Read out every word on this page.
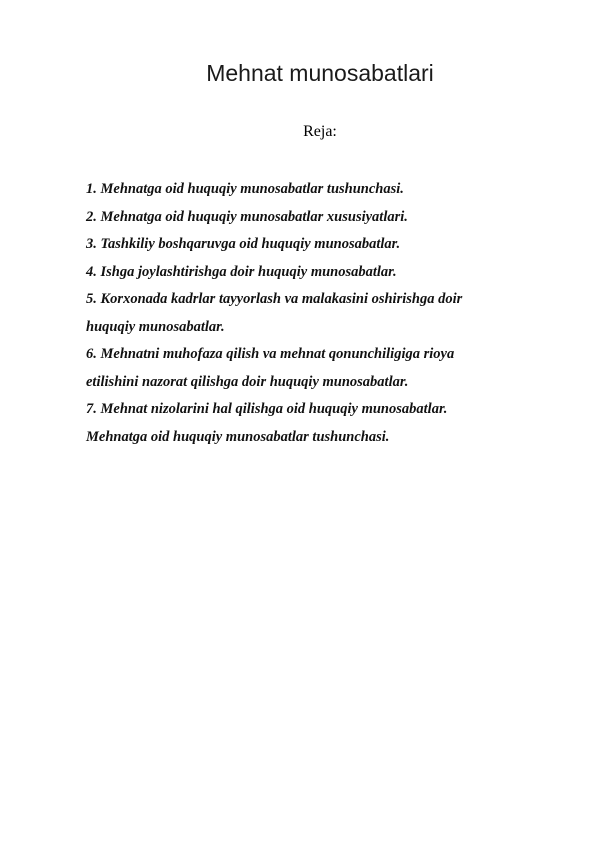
Mehnat munosabatlari
Reja:
1. Mehnatga oid huquqiy munosabatlar tushunchasi.
2. Mehnatga oid huquqiy munosabatlar xususiyatlari.
3. Tashkiliy boshqaruvga oid huquqiy munosabatlar.
4. Ishga joylashtirishga doir huquqiy munosabatlar.
5. Korxonada kadrlar tayyorlash va malakasini oshirishga doir
huquqiy munosabatlar.
6. Mehnatni muhofaza qilish va mehnat qonunchiligiga rioya
etilishini nazorat qilishga doir huquqiy munosabatlar.
7. Mehnat nizolarini hal qilishga oid huquqiy munosabatlar.
Mehnatga oid huquqiy munosabatlar tushunchasi.
